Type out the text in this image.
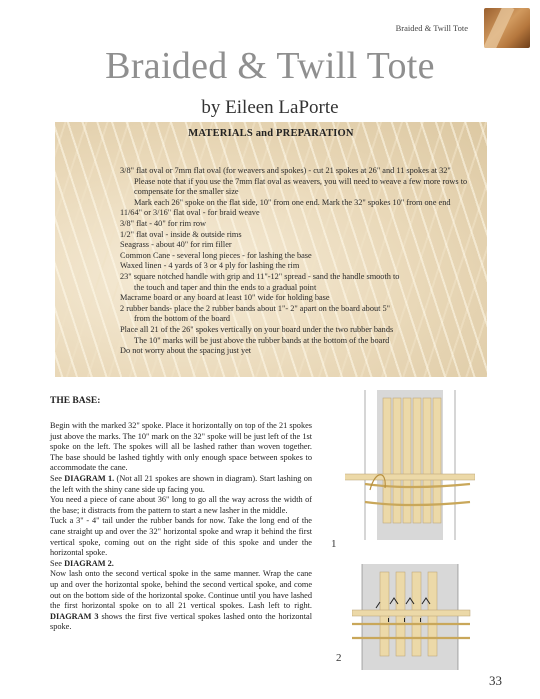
Braided & Twill Tote
Braided & Twill Tote
by Eileen LaPorte
MATERIALS and PREPARATION
3/8" flat oval or 7mm flat oval (for weavers and spokes) - cut 21 spokes at 26" and 11 spokes at 32"
Please note that if you use the 7mm flat oval as weavers, you will need to weave a few more rows to
compensate for the smaller size
Mark each 26" spoke on the flat side, 10" from one end. Mark the 32" spokes 10" from one end
11/64" or 3/16" flat oval - for braid weave
3/8" flat - 40" for rim row
1/2" flat oval - inside & outside rims
Seagrass - about 40" for rim filler
Common Cane - several long pieces - for lashing the base
Waxed linen - 4 yards of 3 or 4 ply for lashing the rim
23" square notched handle with grip and 11"-12" spread - sand the handle smooth to
the touch and taper and thin the ends to a gradual point
Macrame board or any board at least 10" wide for holding base
2 rubber bands- place the 2 rubber bands about 1"- 2" apart on the board about 5"
from the bottom of the board
Place all 21 of the 26" spokes vertically on your board under the two rubber bands
The 10" marks will be just above the rubber bands at the bottom of the board
Do not worry about the spacing just yet
THE BASE:

Begin with the marked 32" spoke. Place it horizontally on top of the 21 spokes just above the marks. The 10" mark on the 32" spoke will be just left of the 1st spoke on the left. The spokes will all be lashed rather than woven together. The base should be lashed tightly with only enough space between spokes to accommodate the cane.

See DIAGRAM 1. (Not all 21 spokes are shown in diagram). Start lashing on the left with the shiny cane side up facing you.

You need a piece of cane about 36" long to go all the way across the width of the base; it distracts from the pattern to start a new lasher in the middle.

Tuck a 3" - 4" tail under the rubber bands for now. Take the long end of the cane straight up and over the 32" horizontal spoke and wrap it behind the first vertical spoke, coming out on the right side of this spoke and under the horizontal spoke.

See DIAGRAM 2.

Now lash onto the second vertical spoke in the same manner. Wrap the cane up and over the horizontal spoke, behind the second vertical spoke, and come out on the bottom side of the horizontal spoke. Continue until you have lashed the first horizontal spoke on to all 21 vertical spokes. Lash left to right. DIAGRAM 3 shows the first five vertical spokes lashed onto the horizontal spoke.

1
2
33
